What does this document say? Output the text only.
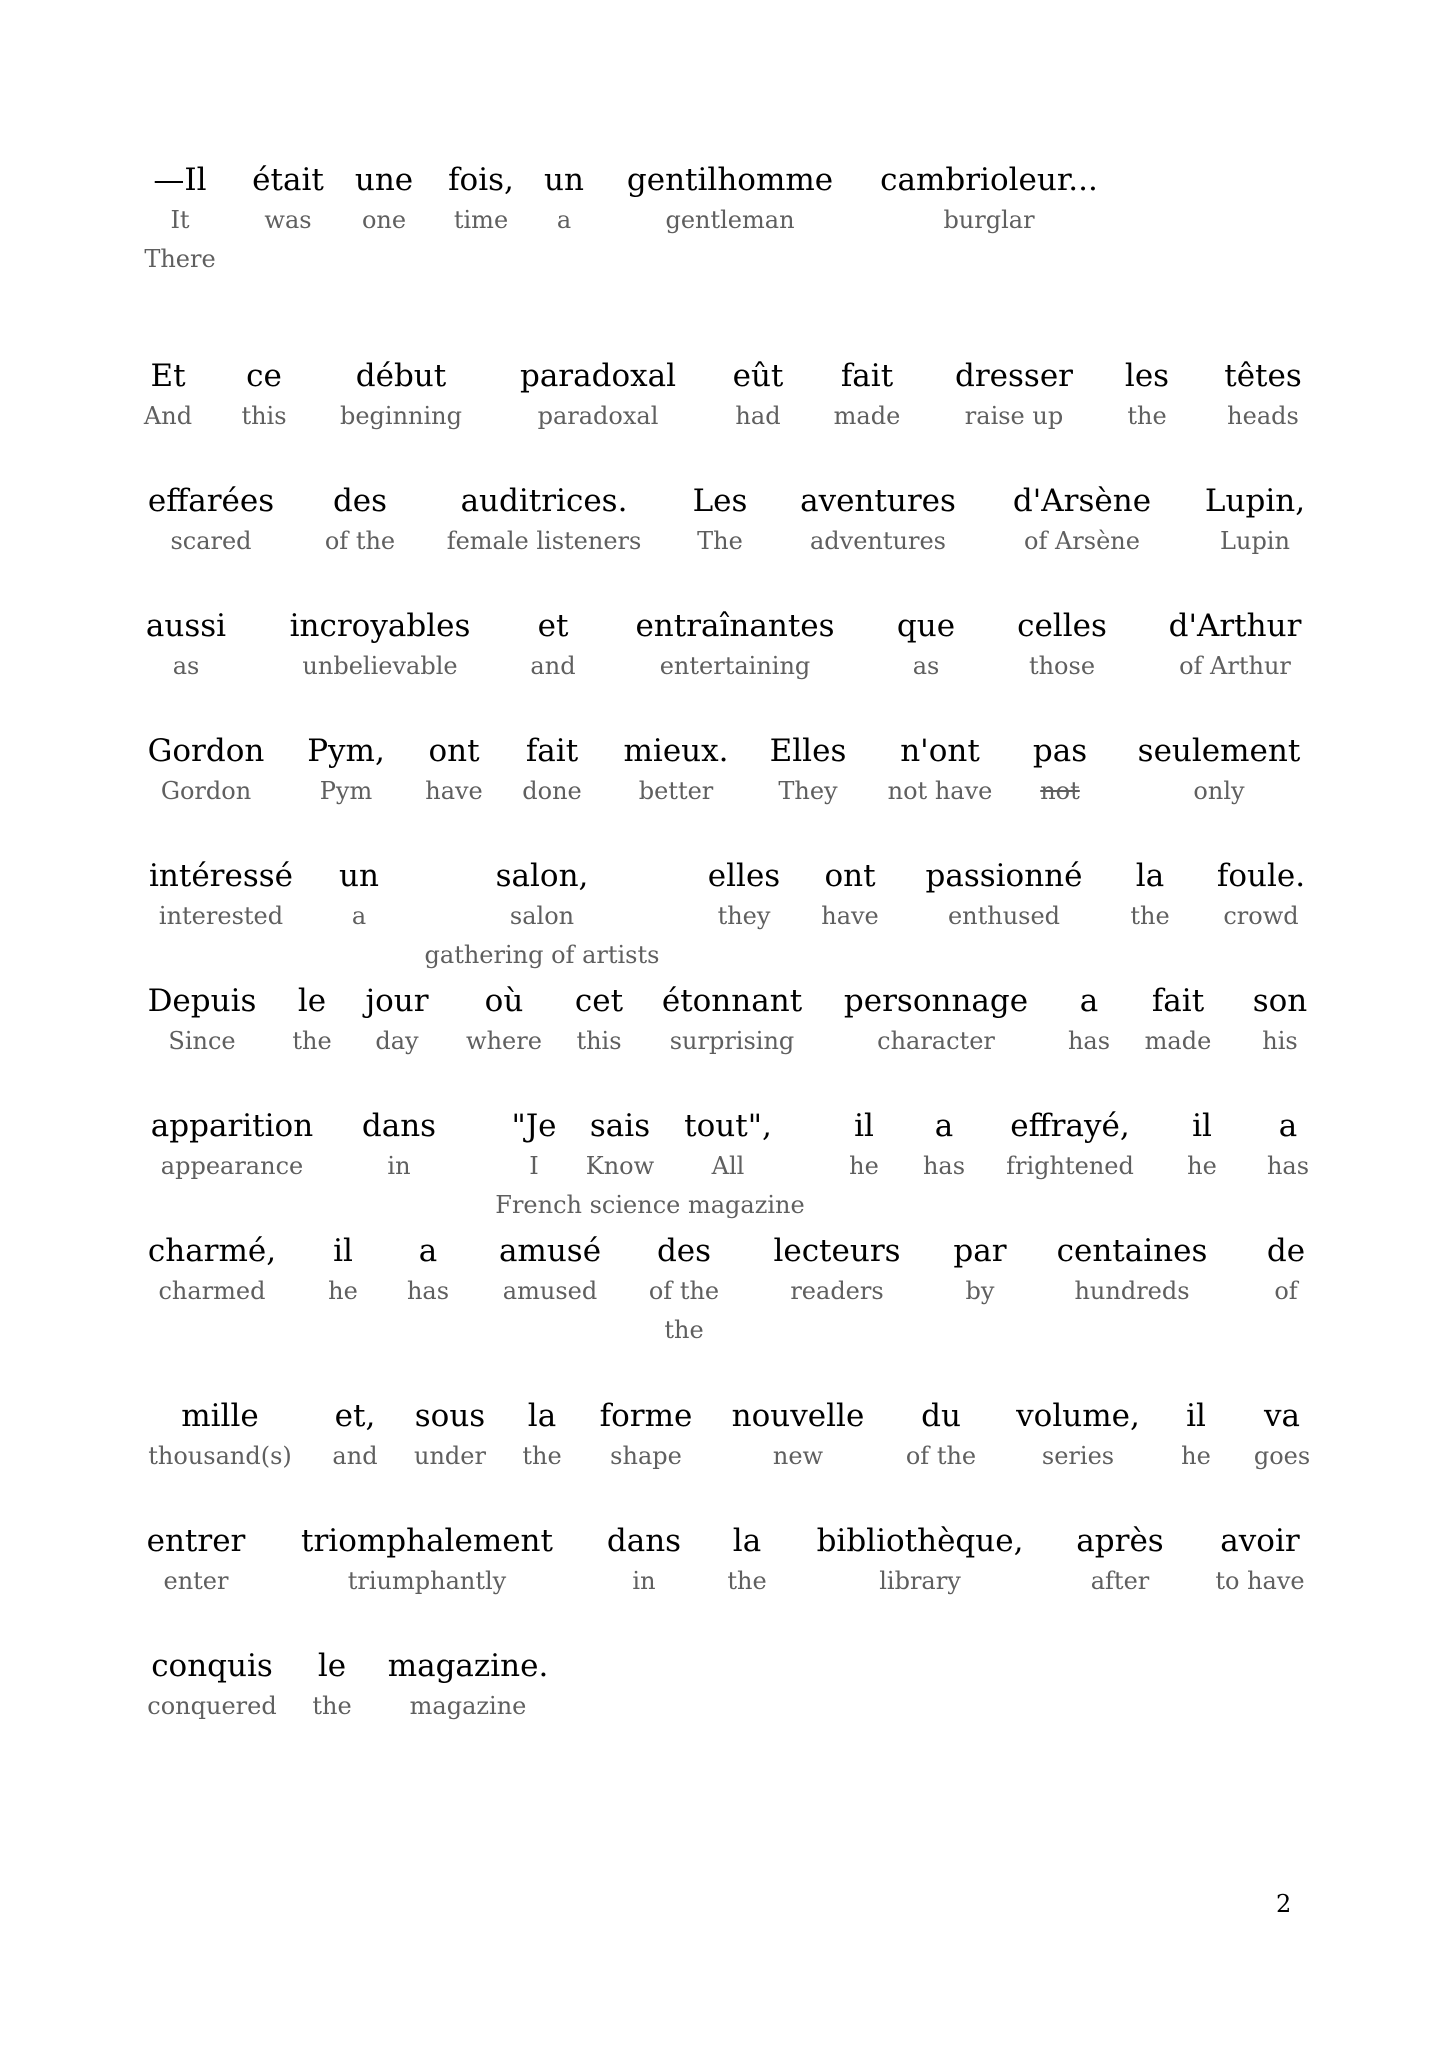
—Il
It
There
était
was
une
one
fois,
time
un
a
gentilhomme
gentleman
cambrioleur...
burglar
Et
And
ce
this
début
beginning
paradoxal
paradoxal
eût
had
fait
made
dresser
raise up
les
the
têtes
heads
effarées
scared
des
of the
auditrices.
female listeners
Les
The
aventures
adventures
d'Arsène
of Arsène
Lupin,
Lupin
aussi
as
incroyables
unbelievable
et
and
entraînantes
entertaining
que
as
celles
those
d'Arthur
of Arthur
Gordon
Gordon
Pym,
Pym
ont
have
fait
done
mieux.
better
Elles
They
n'ont
not have
pas
not
seulement
only
intéressé
interested
un
a
salon,
salon
gathering of artists
elles
they
ont
have
passionné
enthused
la
the
foule.
crowd
Depuis
Since
le
the
jour
day
où
where
cet
this
étonnant
surprising
personnage
character
a
has
fait
made
son
his
apparition
appearance
dans
in
"Je
I
sais
Know
tout",
All
il
he
a
has
effrayé,
frightened
il
he
a
has
French science magazine
charmé,
charmed
il
he
a
has
amusé
amused
des
of the
the
lecteurs
readers
par
by
centaines
hundreds
de
of
mille
thousand(s)
et,
and
sous
under
la
the
forme
shape
nouvelle
new
du
of the
volume,
series
il
he
va
goes
entrer
enter
triomphalement
triumphantly
dans
in
la
the
bibliothèque,
library
après
after
avoir
to have
conquis
conquered
le
the
magazine.
magazine
2
